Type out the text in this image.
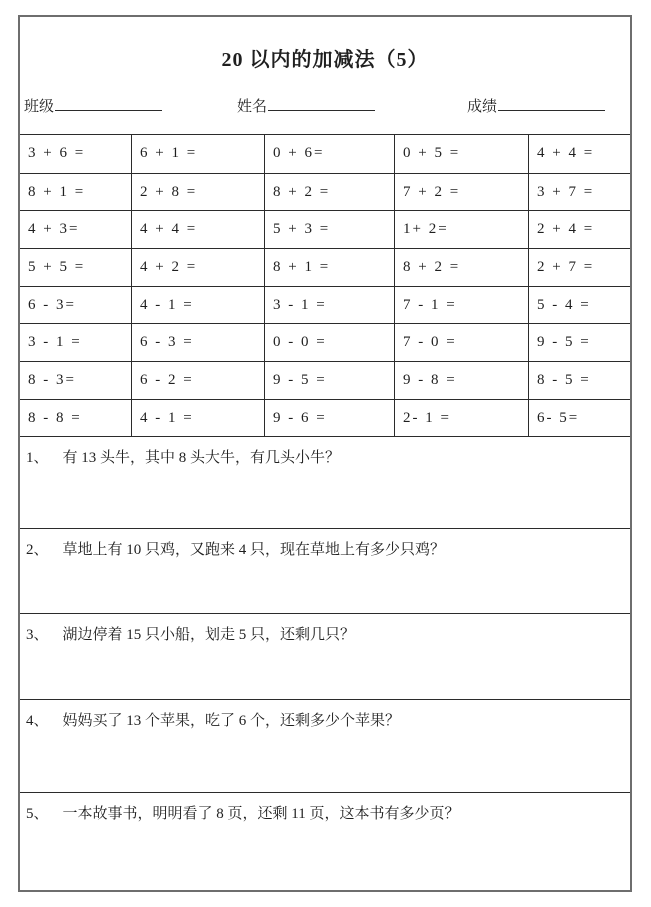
20 以内的加减法（5）
班级	姓名	成绩
3 + 6 =	6 + 1 =	0 + 6=	0 + 5 =	4 + 4 =
8 + 1 =	2 + 8 =	8 + 2 =	7 + 2 =	3 + 7 =
4 + 3=	4 + 4 =	5 + 3 =	1+ 2=	2 + 4 =
5 + 5 =	4 + 2 =	8 + 1 =	8 + 2 =	2 + 7 =
6 - 3=	4 - 1 =	3 - 1 =	7 - 1 =	5 - 4 =
3 - 1 =	6 - 3 =	0 - 0 =	7 - 0 =	9 - 5 =
8 - 3=	6 - 2 =	9 - 5 =	9 - 8 =	8 - 5 =
8 - 8 =	4 - 1 =	9 - 6 =	2- 1 =	6- 5=
1、 有 13 头牛，其中 8 头大牛，有几头小牛？
2、 草地上有 10 只鸡，又跑来 4 只，现在草地上有多少只鸡？
3、 湖边停着 15 只小船，划走 5 只，还剩几只？
4、 妈妈买了 13 个苹果，吃了 6 个，还剩多少个苹果？
5、 一本故事书，明明看了 8 页，还剩 11 页，这本书有多少页？
